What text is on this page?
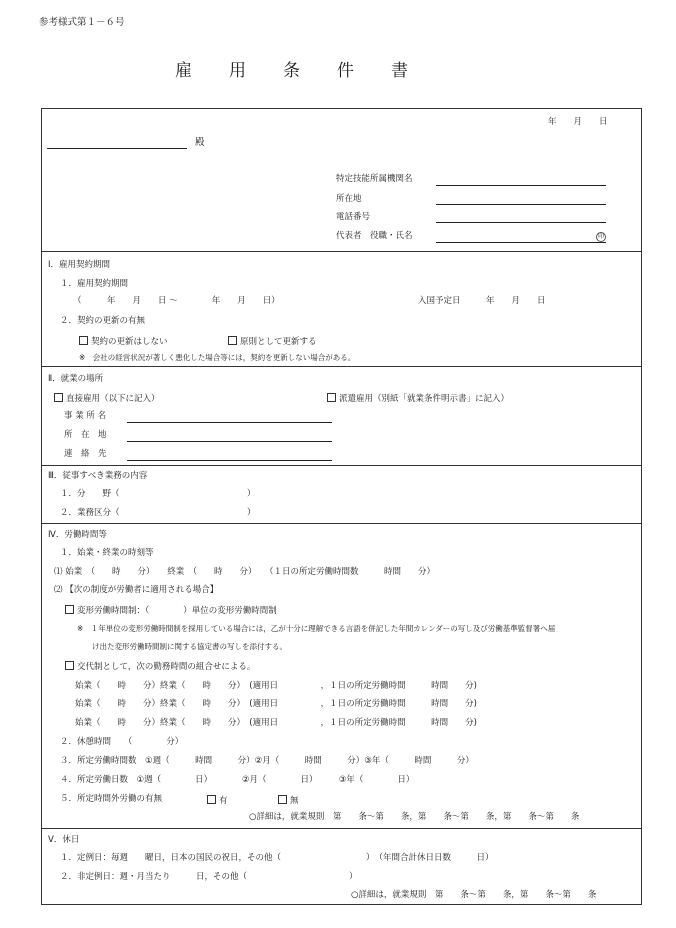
参考様式第１－６号
雇　　用　　条　　件　　書
年　　月　　日
殿
特定技能所属機関名
所在地
電話番号
代表者　役職・氏名	印
Ⅰ．雇用契約期間
１．雇用契約期間
（　　　年　　月　　日 ～　　　　年　　月　　日）	入国予定日　　　年　　月　　日
２．契約の更新の有無
契約の更新はしない	原則として更新する
※　会社の経営状況が著しく悪化した場合等には，契約を更新しない場合がある。
Ⅱ．就業の場所
直接雇用（以下に記入）	派遣雇用（別紙「就業条件明示書」に記入）
事 業 所 名
所　在　地
連　絡　先
Ⅲ．従事すべき業務の内容
１．分　　野（　　　　　　　　　　　　　　　）
２．業務区分（　　　　　　　　　　　　　　　）
Ⅳ．労働時間等
１．始業・終業の時刻等
⑴ 始業　（　　時　　分）　　終業　（　　時　　分）　　（１日の所定労働時間数　　　時間　　分）
⑵ 【次の制度が労働者に適用される場合】
変形労働時間制：（　　　　）単位の変形労働時間制
※　１年単位の変形労働時間制を採用している場合には，乙が十分に理解できる言語を併記した年間カレンダーの写し及び労働基準監督署へ届
け出た変形労働時間制に関する協定書の写しを添付する。
交代制として，次の勤務時間の組合せによる。
始業（　　時　　分）終業（　　時　　分）　(適用日　　　　　，１日の所定労働時間　　　時間　　分)
始業（　　時　　分）終業（　　時　　分）　(適用日　　　　　，１日の所定労働時間　　　時間　　分)
始業（　　時　　分）終業（　　時　　分）　(適用日　　　　　，１日の所定労働時間　　　時間　　分)
２．休憩時間　　（　　　　分）
３．所定労働時間数　①週（　　　時間　　　分）②月（　　　時間　　　分）③年（　　　時間　　　分）
４．所定労働日数　①週（　　　　日）　　　　②月（　　　　日）　　　③年（　　　　日）
５．所定時間外労働の有無	有	無
○詳細は，就業規則　第　　条～第　　条，第　　条～第　　条，第　　条～第　　条
Ⅴ．休日
１．定例日：毎週　　曜日，日本の国民の祝日，その他（　　　　　　　　　　）　（年間合計休日日数　　　日）
２．非定例日：週・月当たり　　　日，その他（　　　　　　　　　　　　）
○詳細は，就業規則　第　　条～第　　条，第　　条～第　　条
